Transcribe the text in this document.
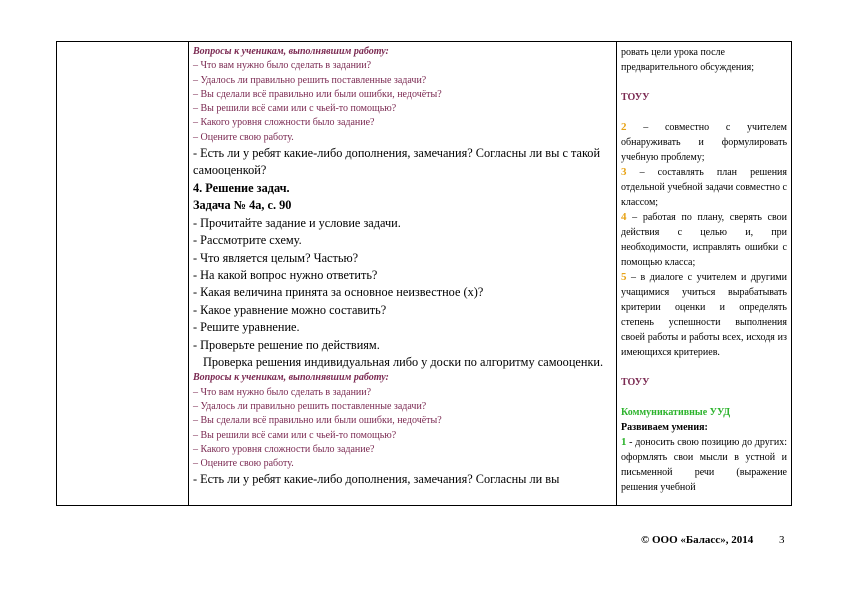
Вопросы к ученикам, выполнявшим работу:
– Что вам нужно было сделать в задании?
– Удалось ли правильно решить поставленные задачи?
– Вы сделали всё правильно или были ошибки, недочёты?
– Вы решили всё сами или с чьей-то помощью?
– Какого уровня сложности было задание?
– Оцените свою работу.
- Есть ли у ребят какие-либо дополнения, замечания? Согласны ли вы с такой самооценкой?
4. Решение задач.
Задача № 4а, с. 90
- Прочитайте задание и условие задачи.
- Рассмотрите схему.
- Что является целым? Частью?
- На какой вопрос нужно ответить?
- Какая величина принята за основное неизвестное (х)?
- Какое уравнение можно составить?
- Решите уравнение.
- Проверьте решение по действиям.
Проверка решения индивидуальная либо у доски по алгоритму самооценки.
Вопросы к ученикам, выполнявшим работу:
– Что вам нужно было сделать в задании?
– Удалось ли правильно решить поставленные задачи?
– Вы сделали всё правильно или были ошибки, недочёты?
– Вы решили всё сами или с чьей-то помощью?
– Какого уровня сложности было задание?
– Оцените свою работу.
- Есть ли у ребят какие-либо дополнения, замечания? Согласны ли вы

ровать цели урока после

предварительного обсуждения;

ТОУУ

2 – совместно с учителем обнаруживать и формулировать учебную проблему;

3 – составлять план решения отдельной учебной задачи совместно с классом;

4 – работая по плану, сверять свои действия с целью и, при необходимости, исправлять ошибки с помощью класса;

5 – в диалоге с учителем и другими учащимися учиться вырабатывать критерии оценки и определять степень успешности выполнения своей работы и работы всех, исходя из имеющихся критериев.

ТОУУ

Коммуникативные УУД

Развиваем умения:

1 - доносить свою позицию до других: оформлять свои мысли в устной и письменной речи (выражение решения учебной

© ООО «Баласс», 2014 3
